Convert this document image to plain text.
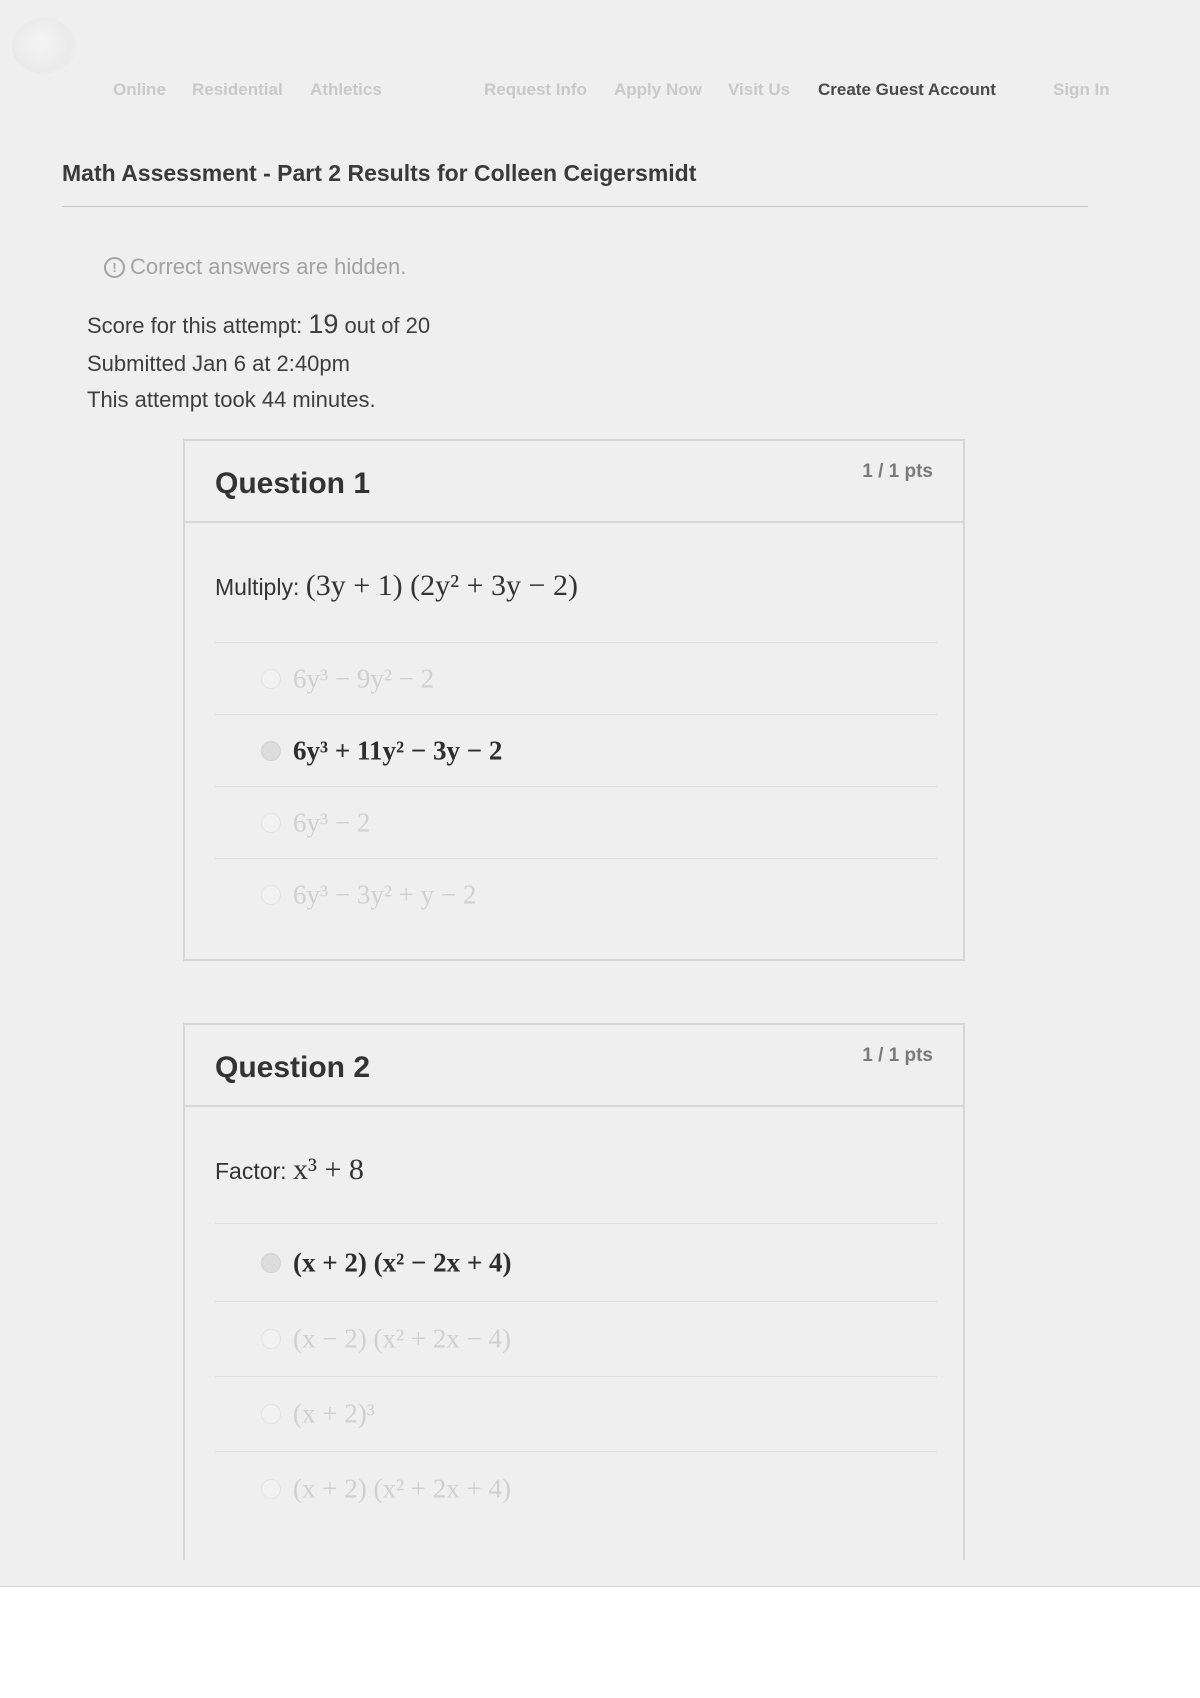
Online Residential Athletics	Request Info Apply Now Visit Us Create Guest Account	Sign In
Math Assessment - Part 2 Results for Colleen Ceigersmidt
! Correct answers are hidden.
Score for this attempt: 19 out of 20
Submitted Jan 6 at 2:40pm
This attempt took 44 minutes.
Question 1	1 / 1 pts
Multiply: (3y + 1) (2y² + 3y − 2)
6y³ − 9y² − 2
6y³ + 11y² − 3y − 2
6y³ − 2
6y³ − 3y² + y − 2
Question 2	1 / 1 pts
Factor: x³ + 8
(x + 2) (x² − 2x + 4)
(x − 2) (x² + 2x − 4)
(x + 2)³
(x + 2) (x² + 2x + 4)
